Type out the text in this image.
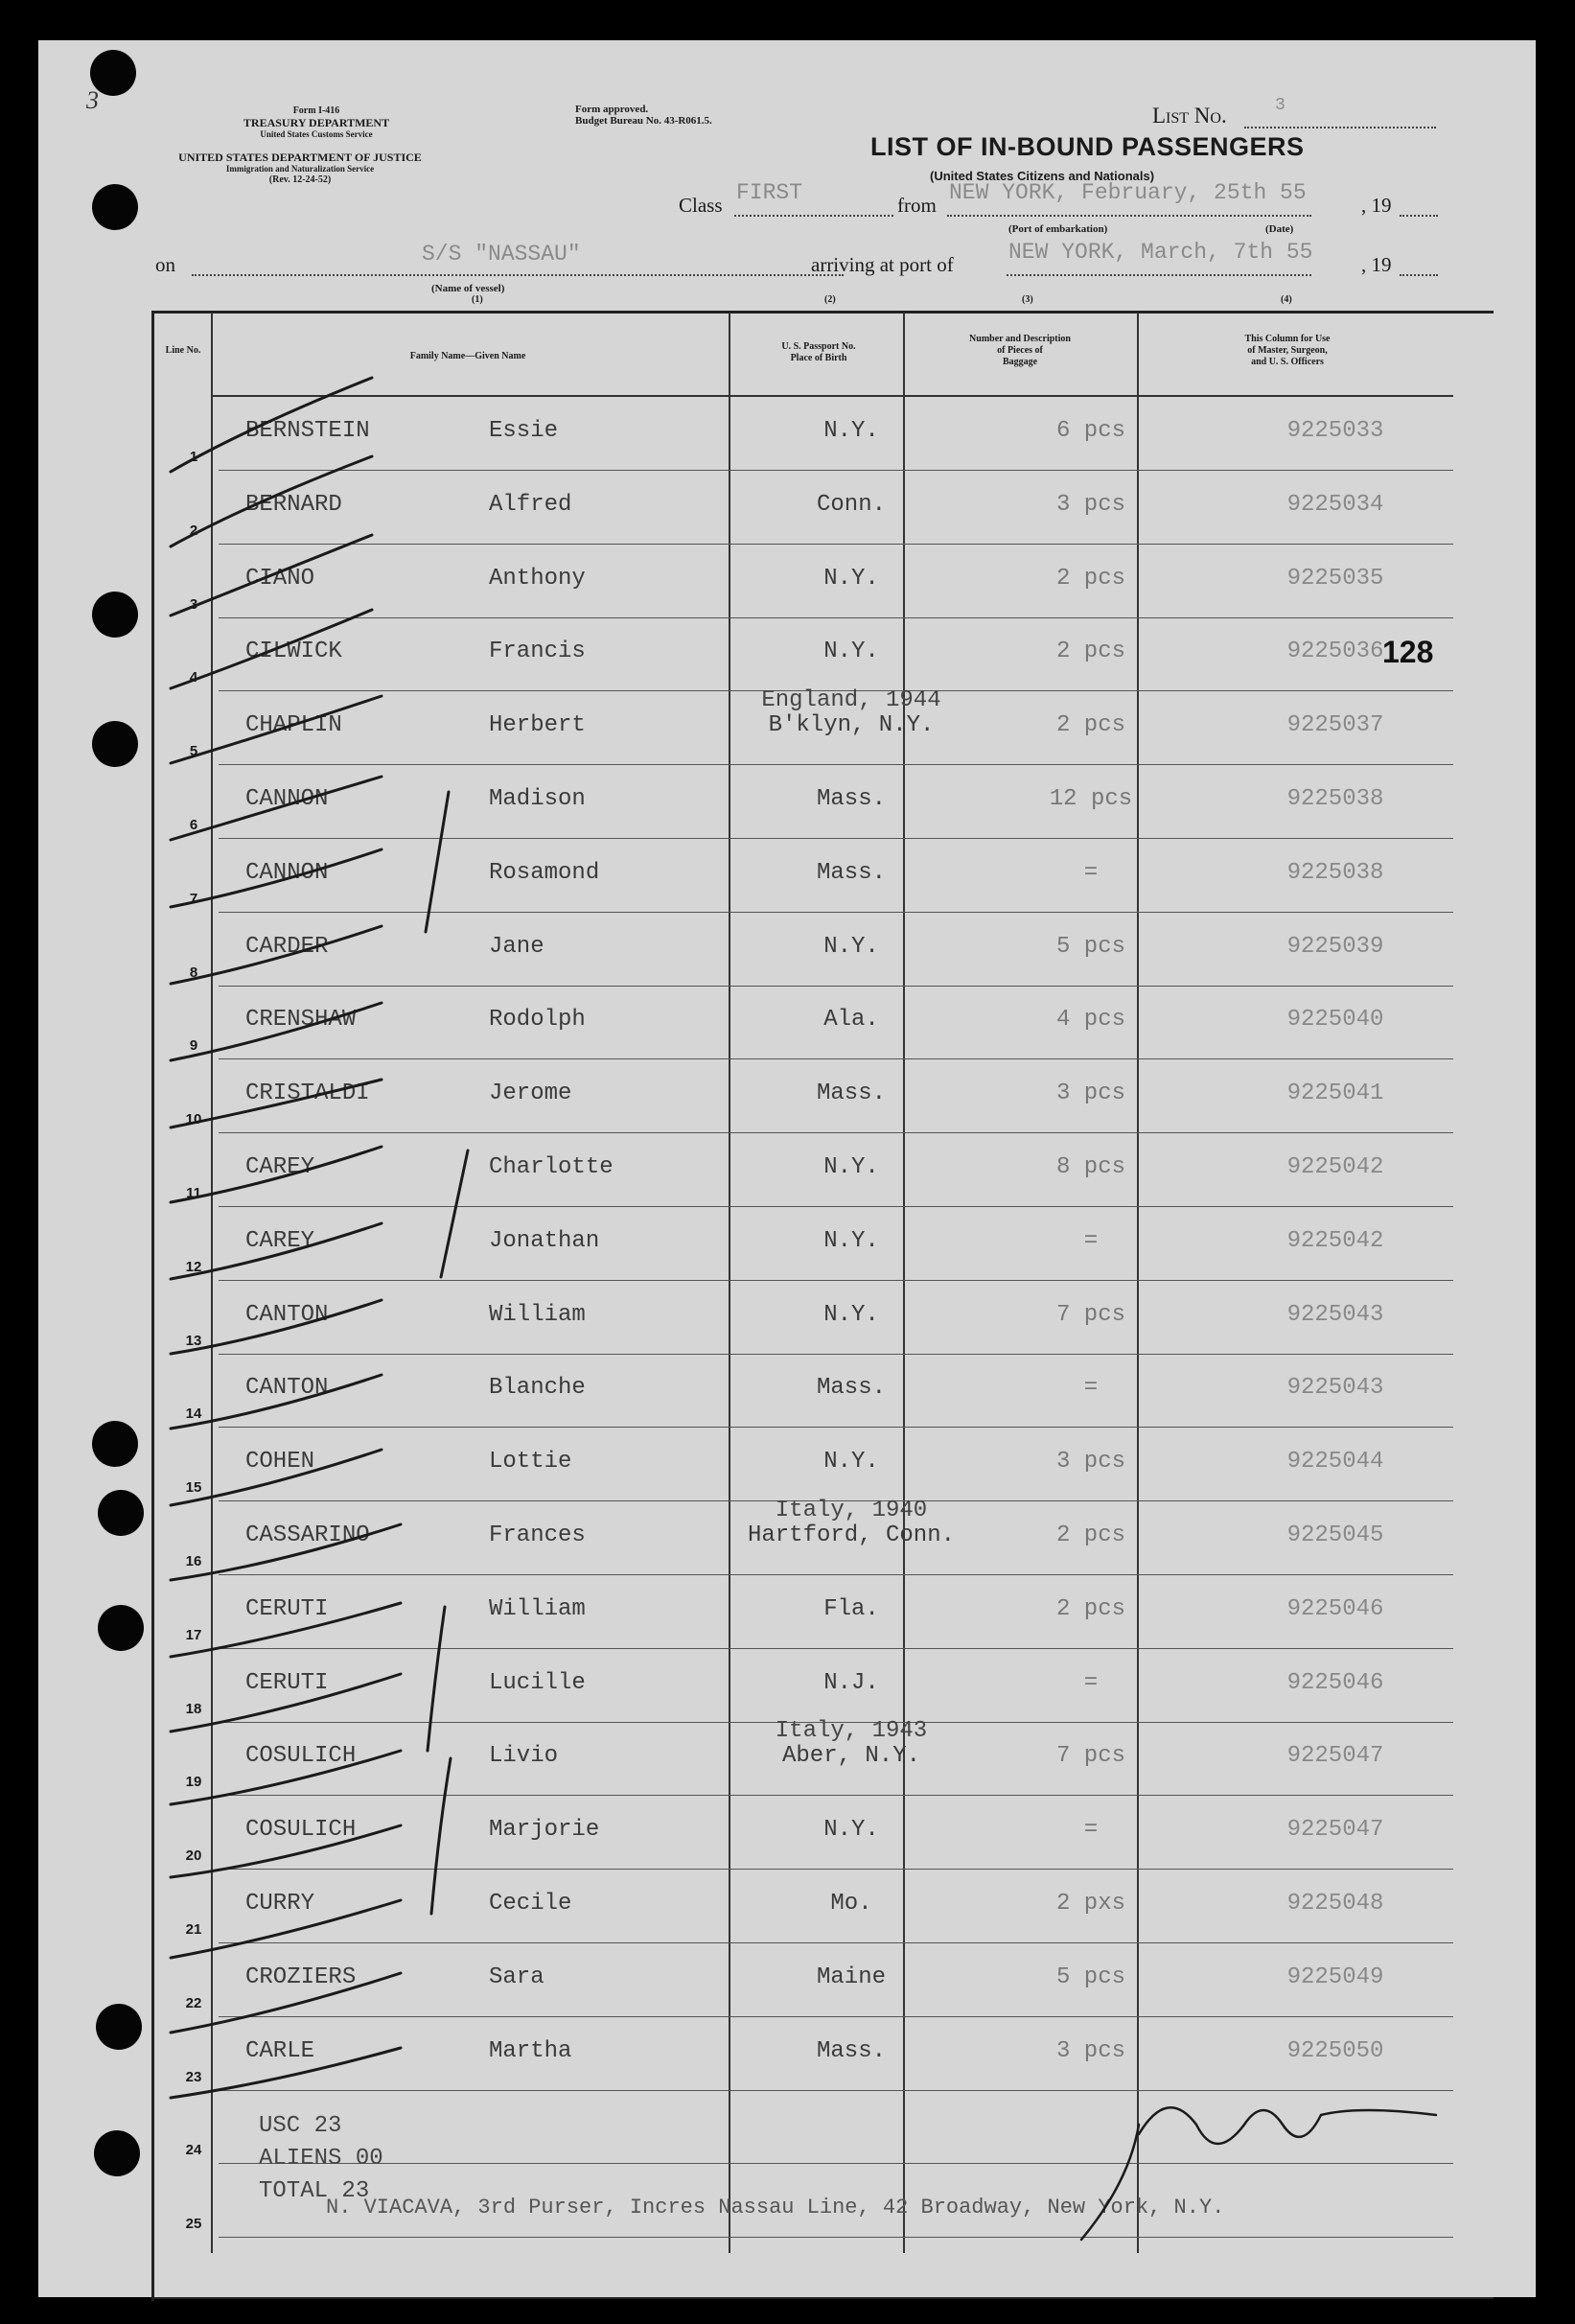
3	Form I-416
TREASURY DEPARTMENT
United States Customs Service
UNITED STATES DEPARTMENT OF JUSTICE
Immigration and Naturalization Service
(Rev. 12-24-52)
Form approved.
Budget Bureau No. 43-R061.5.	List No.	3
LIST OF IN-BOUND PASSENGERS
(United States Citizens and Nationals)
Class FIRST	from NEW YORK, February, 25th 55	, 19
(Port of embarkation)	(Date)
on	S/S "NASSAU"
(Name of vessel)
(1)
arriving at port of NEW YORK, March, 7th 55 , 19
(2)	(3)	(4)
Line No.
Family Name—Given Name
U. S. Passport No.
Place of Birth
Number and Description
of Pieces of
Baggage
This Column for Use
of Master, Surgeon,
and U. S. Officers
1
BERNSTEIN	Essie	N.Y.	6 pcs	9225033
2
BERNARD	Alfred	Conn.	3 pcs	9225034
3
CIANO	Anthony	N.Y.	2 pcs	9225035
4
CILWICK	Francis	N.Y.	2 pcs	9225036
5
CHAPLIN	Herbert
England, 1944
B'klyn, N.Y.	2 pcs	9225037
6
CANNON	Madison	Mass.	12 pcs	9225038
7
CANNON	Rosamond	Mass.	=	9225038
8
CARDER	Jane	N.Y.	5 pcs	9225039
9
CRENSHAW	Rodolph	Ala.	4 pcs	9225040
10
CRISTALDI	Jerome	Mass.	3 pcs	9225041
11
CAREY	Charlotte	N.Y.	8 pcs	9225042
12
CAREY	Jonathan	N.Y.	=	9225042
13
CANTON	William	N.Y.	7 pcs	9225043
14
CANTON	Blanche	Mass.	=	9225043
15
COHEN	Lottie	N.Y.	3 pcs	9225044
16
CASSARINO	Frances
Italy, 1940
Hartford, Conn.	2 pcs	9225045
17
CERUTI	William	Fla.	2 pcs	9225046
18
CERUTI	Lucille	N.J.	=	9225046
19
COSULICH	Livio
Italy, 1943
Aber, N.Y.	7 pcs	9225047
20
COSULICH	Marjorie	N.Y.	=	9225047
21
CURRY	Cecile	Mo.	2 pxs	9225048
22
CROZIERS	Sara	Maine	5 pcs	9225049
23
CARLE	Martha	Mass.	3 pcs	9225050
24
25
128
USC 23
ALIENS 00
TOTAL 23
N. VIACAVA, 3rd Purser, Incres Nassau Line, 42 Broadway, New York, N.Y.
